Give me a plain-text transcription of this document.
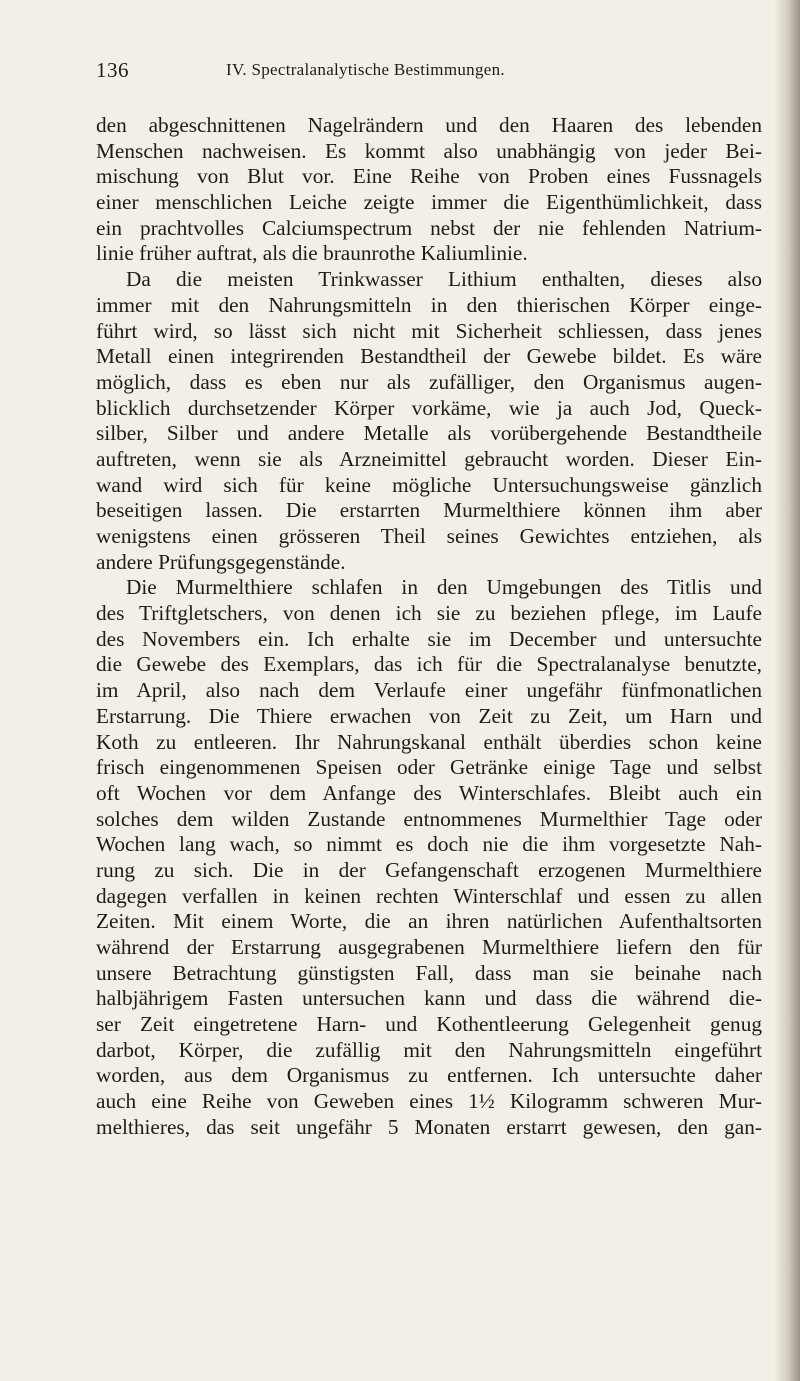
136	IV. Spectralanalytische Bestimmungen.
den abgeschnittenen Nagelrändern und den Haaren des lebenden
Menschen nachweisen. Es kommt also unabhängig von jeder Bei-
mischung von Blut vor. Eine Reihe von Proben eines Fussnagels
einer menschlichen Leiche zeigte immer die Eigenthümlichkeit, dass
ein prachtvolles Calciumspectrum nebst der nie fehlenden Natrium-
linie früher auftrat, als die braunrothe Kaliumlinie.
Da die meisten Trinkwasser Lithium enthalten, dieses also
immer mit den Nahrungsmitteln in den thierischen Körper einge-
führt wird, so lässt sich nicht mit Sicherheit schliessen, dass jenes
Metall einen integrirenden Bestandtheil der Gewebe bildet. Es wäre
möglich, dass es eben nur als zufälliger, den Organismus augen-
blicklich durchsetzender Körper vorkäme, wie ja auch Jod, Queck-
silber, Silber und andere Metalle als vorübergehende Bestandtheile
auftreten, wenn sie als Arzneimittel gebraucht worden. Dieser Ein-
wand wird sich für keine mögliche Untersuchungsweise gänzlich
beseitigen lassen. Die erstarrten Murmelthiere können ihm aber
wenigstens einen grösseren Theil seines Gewichtes entziehen, als
andere Prüfungsgegenstände.
Die Murmelthiere schlafen in den Umgebungen des Titlis und
des Triftgletschers, von denen ich sie zu beziehen pflege, im Laufe
des Novembers ein. Ich erhalte sie im December und untersuchte
die Gewebe des Exemplars, das ich für die Spectralanalyse benutzte,
im April, also nach dem Verlaufe einer ungefähr fünfmonatlichen
Erstarrung. Die Thiere erwachen von Zeit zu Zeit, um Harn und
Koth zu entleeren. Ihr Nahrungskanal enthält überdies schon keine
frisch eingenommenen Speisen oder Getränke einige Tage und selbst
oft Wochen vor dem Anfange des Winterschlafes. Bleibt auch ein
solches dem wilden Zustande entnommenes Murmelthier Tage oder
Wochen lang wach, so nimmt es doch nie die ihm vorgesetzte Nah-
rung zu sich. Die in der Gefangenschaft erzogenen Murmelthiere
dagegen verfallen in keinen rechten Winterschlaf und essen zu allen
Zeiten. Mit einem Worte, die an ihren natürlichen Aufenthaltsorten
während der Erstarrung ausgegrabenen Murmelthiere liefern den für
unsere Betrachtung günstigsten Fall, dass man sie beinahe nach
halbjährigem Fasten untersuchen kann und dass die während die-
ser Zeit eingetretene Harn- und Kothentleerung Gelegenheit genug
darbot, Körper, die zufällig mit den Nahrungsmitteln eingeführt
worden, aus dem Organismus zu entfernen. Ich untersuchte daher
auch eine Reihe von Geweben eines 1½ Kilogramm schweren Mur-
melthieres, das seit ungefähr 5 Monaten erstarrt gewesen, den gan-
